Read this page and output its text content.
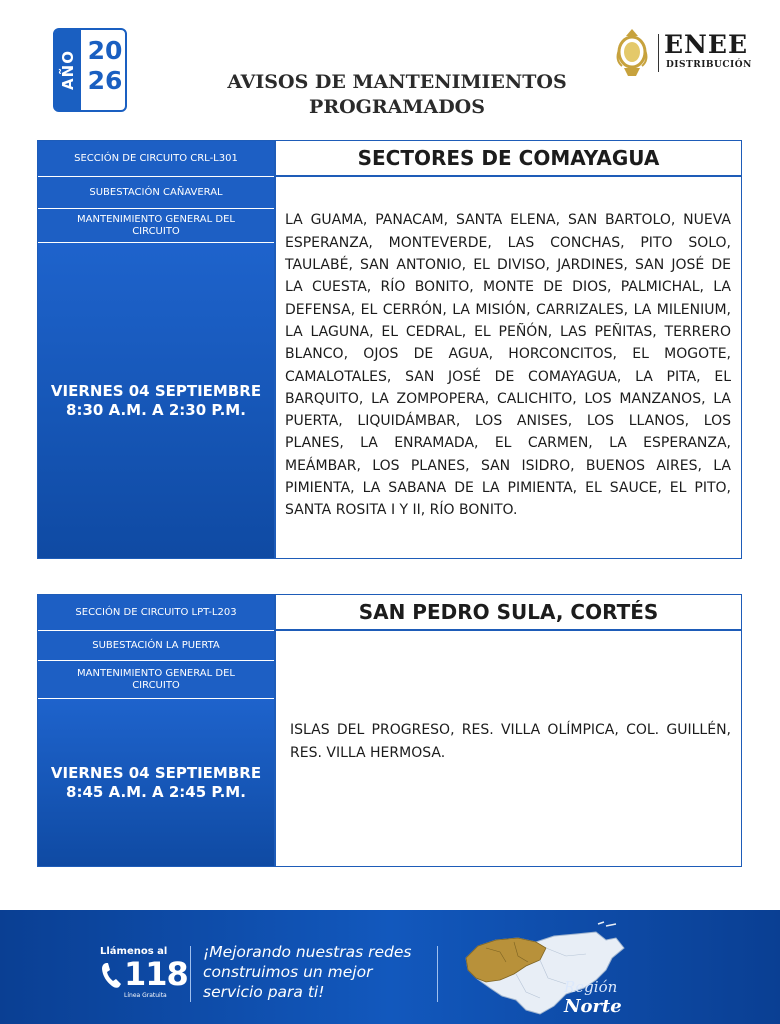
AÑO 20
26	AVISOS DE MANTENIMIENTOS
PROGRAMADOS
ENEE
DISTRIBUCIÓN
SECCIÓN DE CIRCUITO CRL-L301
SUBESTACIÓN CAÑAVERAL
MANTENIMIENTO GENERAL DEL CIRCUITO
VIERNES 04 SEPTIEMBRE
8:30 A.M. A 2:30 P.M.
SECTORES DE COMAYAGUA

LA GUAMA, PANACAM, SANTA ELENA, SAN BARTOLO, NUEVA ESPERANZA, MONTEVERDE, LAS CONCHAS, PITO SOLO, TAULABÉ, SAN ANTONIO, EL DIVISO, JARDINES, SAN JOSÉ DE LA CUESTA, RÍO BONITO, MONTE DE DIOS, PALMICHAL, LA DEFENSA, EL CERRÓN, LA MISIÓN, CARRIZALES, LA MILENIUM, LA LAGUNA, EL CEDRAL, EL PEÑÓN, LAS PEÑITAS, TERRERO BLANCO, OJOS DE AGUA, HORCONCITOS, EL MOGOTE, CAMALOTALES, SAN JOSÉ DE COMAYAGUA, LA PITA, EL BARQUITO, LA ZOMPOPERA, CALICHITO, LOS MANZANOS, LA PUERTA, LIQUIDÁMBAR, LOS ANISES, LOS LLANOS, LOS PLANES, LA ENRAMADA, EL CARMEN, LA ESPERANZA, MEÁMBAR, LOS PLANES, SAN ISIDRO, BUENOS AIRES, LA PIMIENTA, LA SABANA DE LA PIMIENTA, EL SAUCE, EL PITO, SANTA ROSITA I Y II, RÍO BONITO.

SECCIÓN DE CIRCUITO LPT-L203
SUBESTACIÓN LA PUERTA
MANTENIMIENTO GENERAL DEL CIRCUITO
VIERNES 04 SEPTIEMBRE
8:45 A.M. A 2:45 P.M.
SAN PEDRO SULA, CORTÉS

ISLAS DEL PROGRESO, RES. VILLA OLÍMPICA, COL. GUILLÉN, RES. VILLA HERMOSA.

Llámenos al
118
Línea Gratuita
¡Mejorando nuestras redes construimos un mejor servicio para ti!	Región
Norte
